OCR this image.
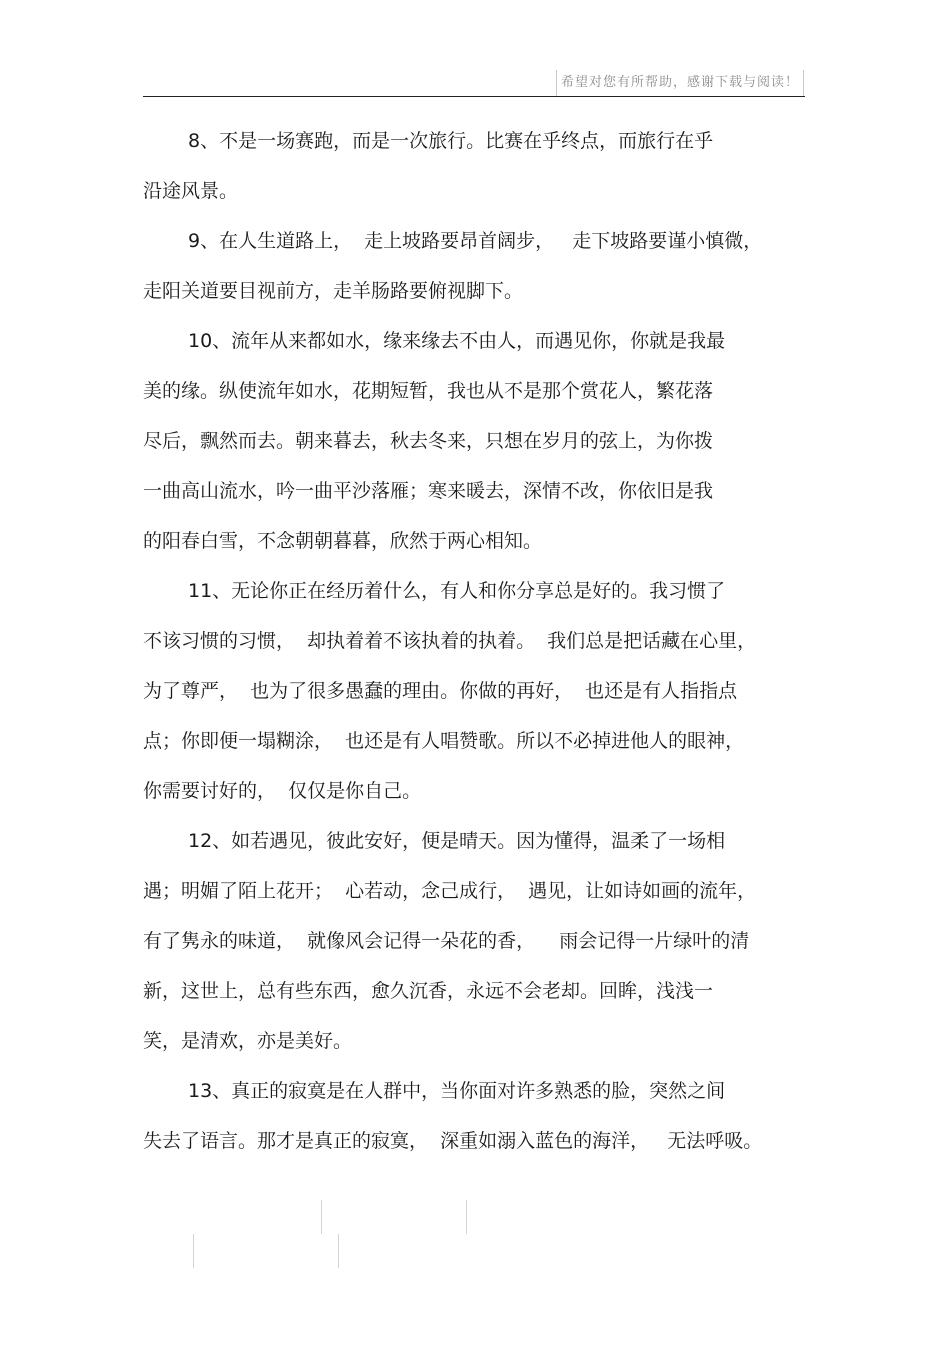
希望对您有所帮助，感谢下载与阅读！
8、不是一场赛跑，而是一次旅行。比赛在乎终点，而旅行在乎
沿途风景。
9、在人生道路上，  走上坡路要昂首阔步，   走下坡路要谨小慎微，
走阳关道要目视前方，走羊肠路要俯视脚下。
10、流年从来都如水，缘来缘去不由人，而遇见你，你就是我最
美的缘。纵使流年如水，花期短暂，我也从不是那个赏花人，繁花落
尽后，飘然而去。朝来暮去，秋去冬来，只想在岁月的弦上，为你拨
一曲高山流水，吟一曲平沙落雁；寒来暖去，深情不改，你依旧是我
的阳春白雪，不念朝朝暮暮，欣然于两心相知。
11、无论你正在经历着什么，有人和你分享总是好的。我习惯了
不该习惯的习惯，  却执着着不该执着的执着。  我们总是把话藏在心里，
为了尊严，  也为了很多愚蠢的理由。你做的再好，  也还是有人指指点
点；你即便一塌糊涂，  也还是有人唱赞歌。所以不必掉进他人的眼神，
你需要讨好的，  仅仅是你自己。
12、如若遇见，彼此安好，便是晴天。因为懂得，温柔了一场相
遇；明媚了陌上花开；  心若动，念己成行，  遇见，让如诗如画的流年，
有了隽永的味道，  就像风会记得一朵花的香，    雨会记得一片绿叶的清
新，这世上，总有些东西，愈久沉香，永远不会老却。回眸，浅浅一
笑，是清欢，亦是美好。
13、真正的寂寞是在人群中，当你面对许多熟悉的脸，突然之间
失去了语言。那才是真正的寂寞，  深重如溺入蓝色的海洋，   无法呼吸。
